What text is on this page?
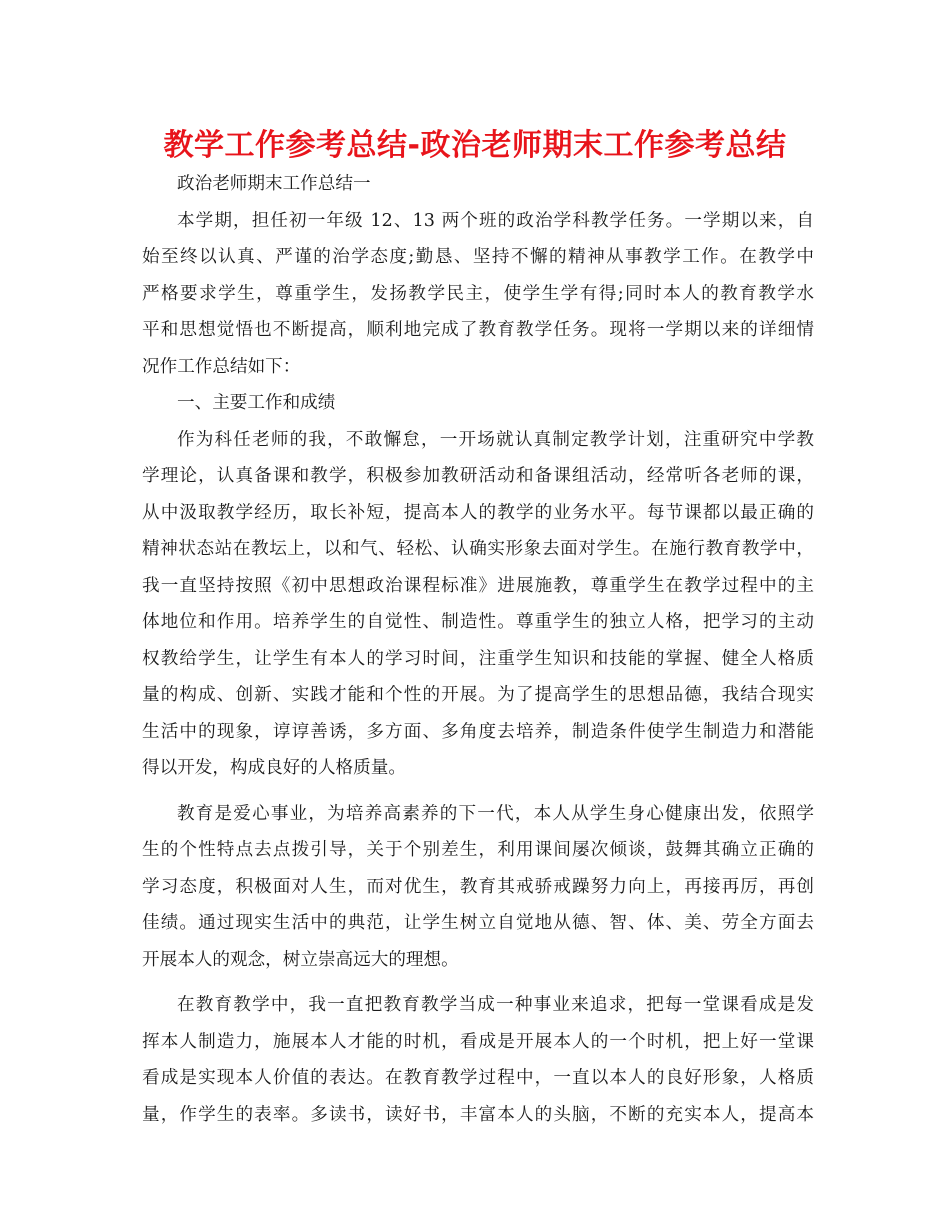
教学工作参考总结-政治老师期末工作参考总结

政治老师期末工作总结一

本学期，担任初一年级 12、13 两个班的政治学科教学任务。一学期以来，自
始至终以认真、严谨的治学态度;勤恳、坚持不懈的精神从事教学工作。在教学中
严格要求学生，尊重学生，发扬教学民主，使学生学有得;同时本人的教育教学水
平和思想觉悟也不断提高，顺利地完成了教育教学任务。现将一学期以来的详细情
况作工作总结如下：

一、主要工作和成绩

作为科任老师的我，不敢懈怠，一开场就认真制定教学计划，注重研究中学教
学理论，认真备课和教学，积极参加教研活动和备课组活动，经常听各老师的课，
从中汲取教学经历，取长补短，提高本人的教学的业务水平。每节课都以最正确的
精神状态站在教坛上，以和气、轻松、认确实形象去面对学生。在施行教育教学中，
我一直坚持按照《初中思想政治课程标准》进展施教，尊重学生在教学过程中的主
体地位和作用。培养学生的自觉性、制造性。尊重学生的独立人格，把学习的主动
权教给学生，让学生有本人的学习时间，注重学生知识和技能的掌握、健全人格质
量的构成、创新、实践才能和个性的开展。为了提高学生的思想品德，我结合现实
生活中的现象，谆谆善诱，多方面、多角度去培养，制造条件使学生制造力和潜能
得以开发，构成良好的人格质量。
教育是爱心事业，为培养高素养的下一代，本人从学生身心健康出发，依照学
生的个性特点去点拨引导，关于个别差生，利用课间屡次倾谈，鼓舞其确立正确的
学习态度，积极面对人生，而对优生，教育其戒骄戒躁努力向上，再接再厉，再创
佳绩。通过现实生活中的典范，让学生树立自觉地从德、智、体、美、劳全方面去
开展本人的观念，树立崇高远大的理想。
在教育教学中，我一直把教育教学当成一种事业来追求，把每一堂课看成是发
挥本人制造力，施展本人才能的时机，看成是开展本人的一个时机，把上好一堂课
看成是实现本人价值的表达。在教育教学过程中，一直以本人的良好形象，人格质
量，作学生的表率。多读书，读好书，丰富本人的头脑，不断的充实本人，提高本
